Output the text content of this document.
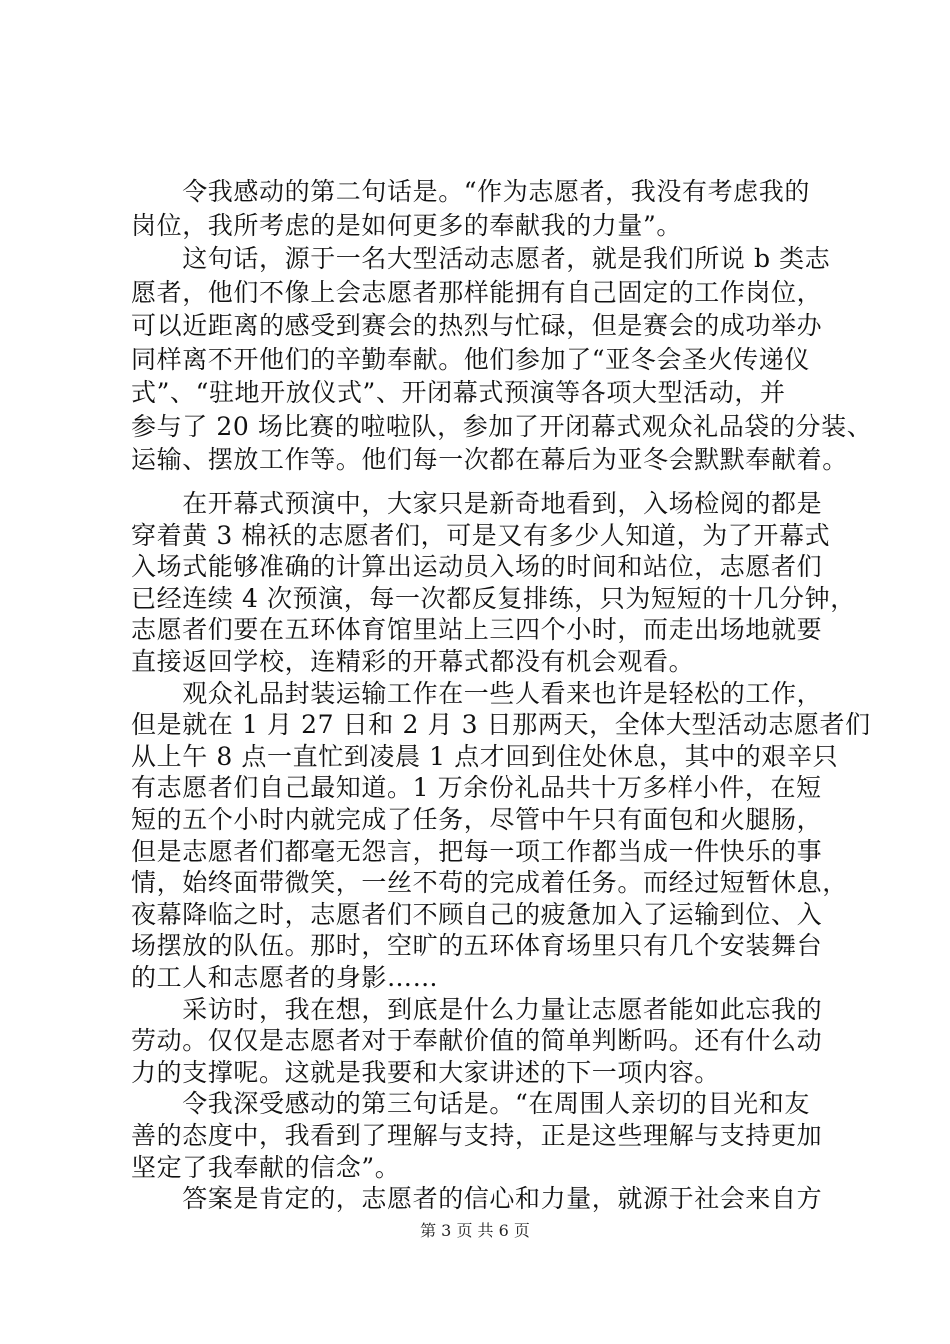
　　令我感动的第二句话是。“作为志愿者，我没有考虑我的
岗位，我所考虑的是如何更多的奉献我的力量”。
　　这句话，源于一名大型活动志愿者，就是我们所说 b 类志
愿者，他们不像上会志愿者那样能拥有自己固定的工作岗位，
可以近距离的感受到赛会的热烈与忙碌，但是赛会的成功举办
同样离不开他们的辛勤奉献。他们参加了“亚冬会圣火传递仪
式”、“驻地开放仪式”、开闭幕式预演等各项大型活动，并
参与了 20 场比赛的啦啦队，参加了开闭幕式观众礼品袋的分装、
运输、摆放工作等。他们每一次都在幕后为亚冬会默默奉献着。
　　在开幕式预演中，大家只是新奇地看到，入场检阅的都是
穿着黄 3 棉袄的志愿者们，可是又有多少人知道，为了开幕式
入场式能够准确的计算出运动员入场的时间和站位，志愿者们
已经连续 4 次预演，每一次都反复排练，只为短短的十几分钟，
志愿者们要在五环体育馆里站上三四个小时，而走出场地就要
直接返回学校，连精彩的开幕式都没有机会观看。
　　观众礼品封装运输工作在一些人看来也许是轻松的工作，
但是就在 1 月 27 日和 2 月 3 日那两天，全体大型活动志愿者们
从上午 8 点一直忙到凌晨 1 点才回到住处休息，其中的艰辛只
有志愿者们自己最知道。1 万余份礼品共十万多样小件，在短
短的五个小时内就完成了任务，尽管中午只有面包和火腿肠，
但是志愿者们都毫无怨言，把每一项工作都当成一件快乐的事
情，始终面带微笑，一丝不苟的完成着任务。而经过短暂休息，
夜幕降临之时，志愿者们不顾自己的疲惫加入了运输到位、入
场摆放的队伍。那时，空旷的五环体育场里只有几个安装舞台
的工人和志愿者的身影……
　　采访时，我在想，到底是什么力量让志愿者能如此忘我的
劳动。仅仅是志愿者对于奉献价值的简单判断吗。还有什么动
力的支撑呢。这就是我要和大家讲述的下一项内容。
　　令我深受感动的第三句话是。“在周围人亲切的目光和友
善的态度中，我看到了理解与支持，正是这些理解与支持更加
坚定了我奉献的信念”。
第 3 页 共 6 页
　　答案是肯定的，志愿者的信心和力量，就源于社会来自方
